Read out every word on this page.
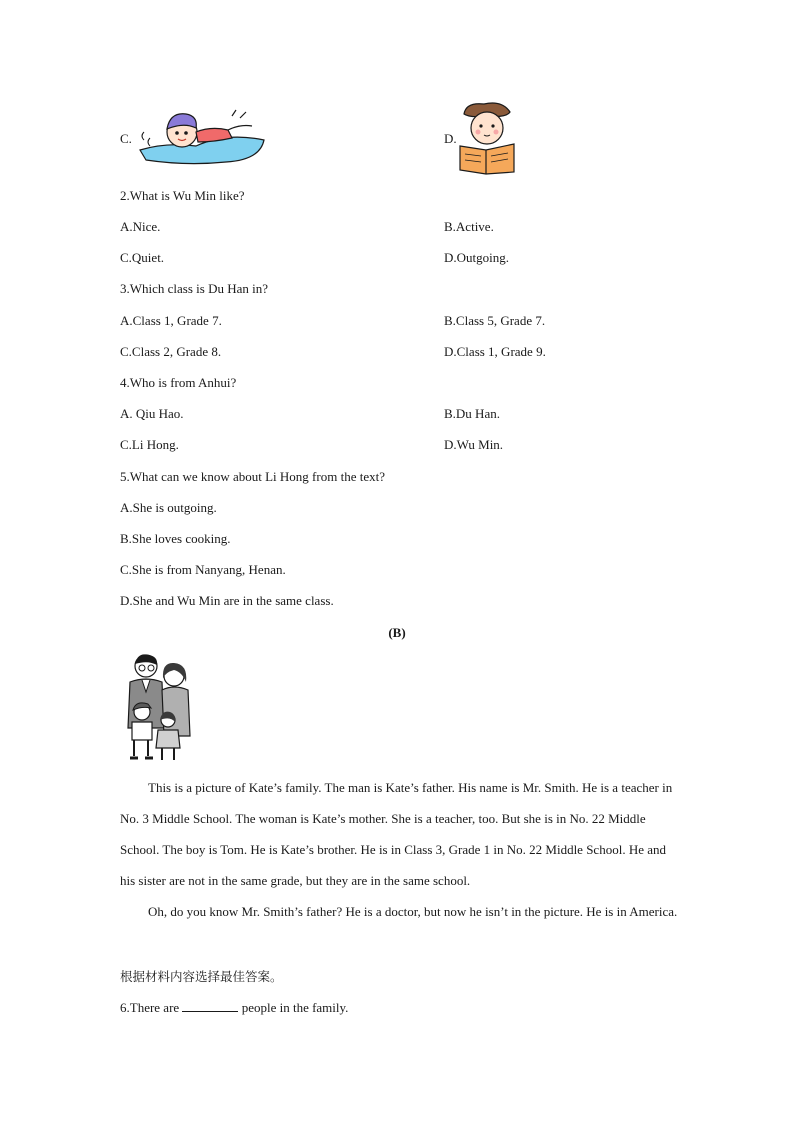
C.	D.
2.What is Wu Min like?
A.Nice.	B.Active.
C.Quiet.	D.Outgoing.
3.Which class is Du Han in?
A.Class 1, Grade 7.	B.Class 5, Grade 7.
C.Class 2, Grade 8.	D.Class 1, Grade 9.
4.Who is from Anhui?
A. Qiu Hao.	B.Du Han.
C.Li Hong.	D.Wu Min.
5.What can we know about Li Hong from the text?
A.She is outgoing.
B.She loves cooking.
C.She is from Nanyang, Henan.
D.She and Wu Min are in the same class.
(B)
This is a picture of Kate’s family. The man is Kate’s father. His name is Mr. Smith. He is a teacher in No. 3 Middle School. The woman is Kate’s mother. She is a teacher, too. But she is in No. 22 Middle School. The boy is Tom. He is Kate’s brother. He is in Class 3, Grade 1 in No. 22 Middle School. He and his sister are not in the same grade, but they are in the same school.
Oh, do you know Mr. Smith’s father? He is a doctor, but now he isn’t in the picture. He is in America.
根据材料内容选择最佳答案。
6.There are	people in the family.
